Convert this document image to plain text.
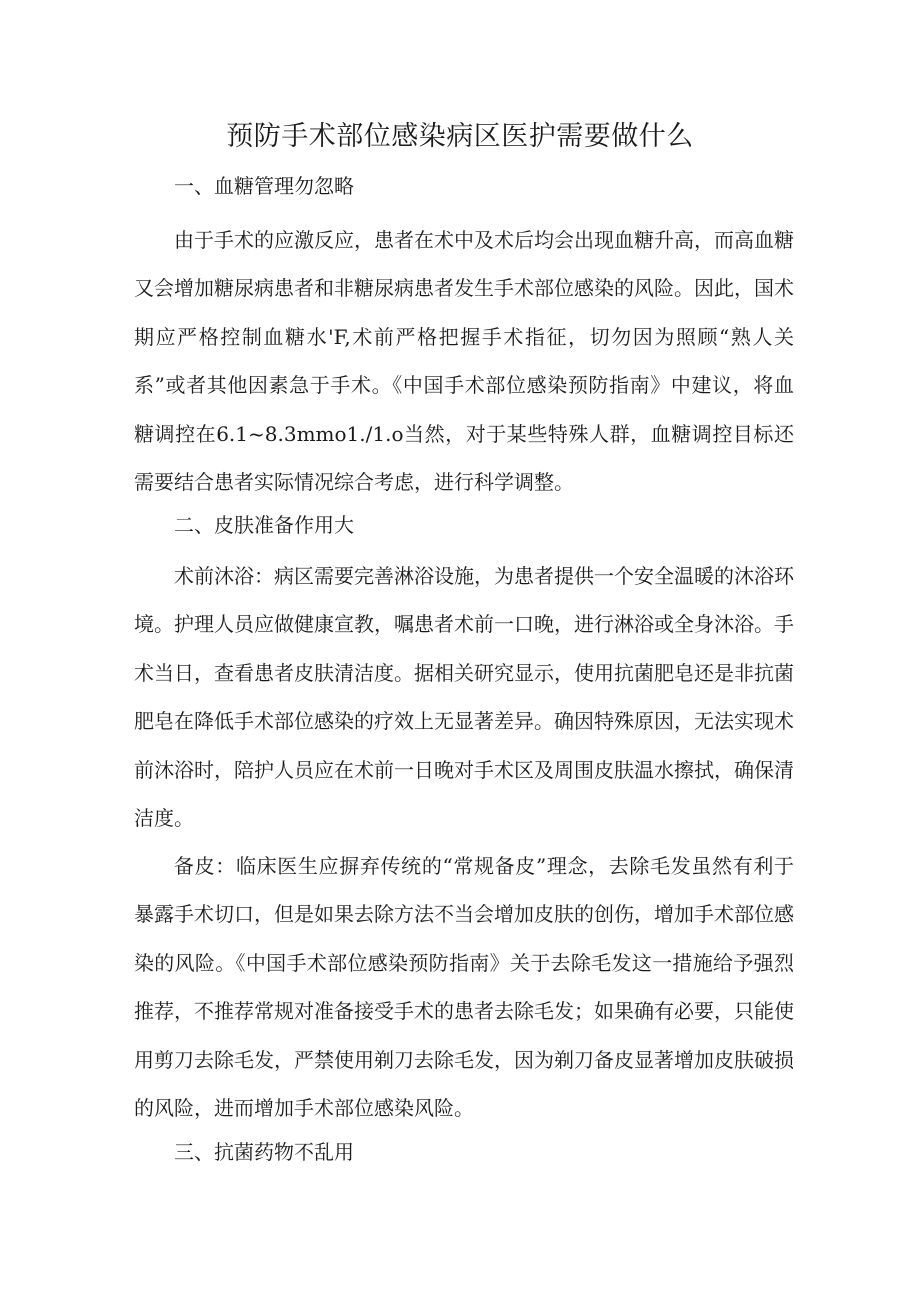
预防手术部位感染病区医护需要做什么
一、血糖管理勿忽略

由于手术的应激反应，患者在术中及术后均会出现血糖升高，而高血糖又会增加糖尿病患者和非糖尿病患者发生手术部位感染的风险。因此，国术期应严格控制血糖水'F,术前严格把握手术指征，切勿因为照顾“熟人关系”或者其他因素急于手术。《中国手术部位感染预防指南》中建议，将血糖调控在6.1~8.3mmo1./1.o当然，对于某些特殊人群，血糖调控目标还需要结合患者实际情况综合考虑，进行科学调整。

二、皮肤准备作用大

术前沐浴：病区需要完善淋浴设施，为患者提供一个安全温暖的沐浴环境。护理人员应做健康宣教，嘱患者术前一口晚，进行淋浴或全身沐浴。手术当日，查看患者皮肤清洁度。据相关研究显示，使用抗菌肥皂还是非抗菌肥皂在降低手术部位感染的疗效上无显著差异。确因特殊原因，无法实现术前沐浴时，陪护人员应在术前一日晚对手术区及周围皮肤温水擦拭，确保清洁度。

备皮：临床医生应摒弃传统的“常规备皮”理念，去除毛发虽然有利于暴露手术切口，但是如果去除方法不当会增加皮肤的创伤，增加手术部位感染的风险。《中国手术部位感染预防指南》关于去除毛发这一措施给予强烈推荐，不推荐常规对准备接受手术的患者去除毛发；如果确有必要，只能使用剪刀去除毛发，严禁使用剃刀去除毛发，因为剃刀备皮显著增加皮肤破损的风险，进而增加手术部位感染风险。

三、抗菌药物不乱用
